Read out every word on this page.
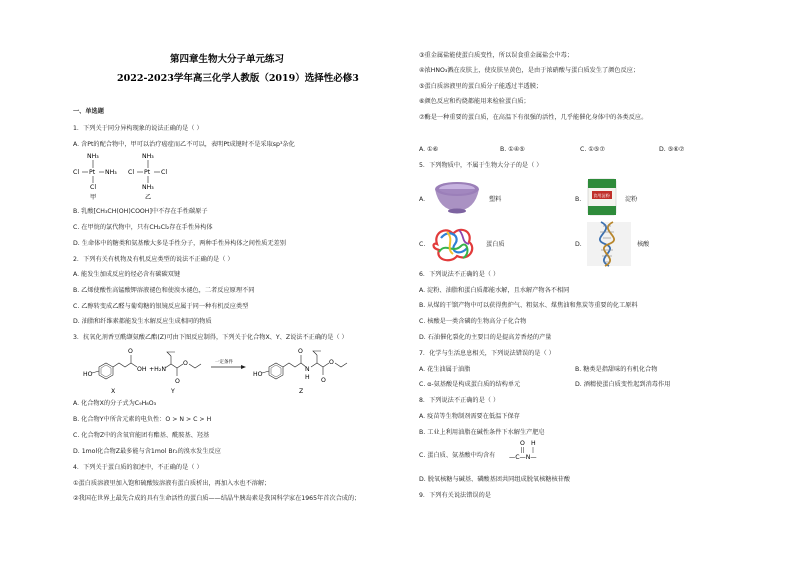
第四章生物大分子单元练习
2022-2023学年高三化学人教版（2019）选择性必修3
一、单选题
1．下列关于同分异构现象的说法正确的是（ ）
A. 含Pt的配合物中，甲可以治疗癌症而乙不可以，表明Pt成键时不是采取sp³杂化
NH₃
Cl Pt NH₃
Cl
甲
NH₃
Cl Pt Cl
NH₃
乙
B. 乳酸[CH₃CH(OH)COOH]中不存在手性碳原子
C. 在甲烷的氯代物中，只有CH₂Cl₂存在手性异构体
D. 生命体中的糖类和氨基酸大多是手性分子，两种手性异构体之间性质无差别
2．下列有关有机物及有机反应类型的说法不正确的是（ ）
A. 能发生加成反应的烃必含有碳碳双键
B. 乙烯使酸性高锰酸钾溶液褪色和使溴水褪色，二者反应原理不同
C. 乙醇转变成乙醛与葡萄糖的银镜反应属于同一种有机反应类型
D. 油脂和纤维素都能发生水解反应生成相同的物质
3．抗氧化剂香豆酰缬氨酸乙酯(Z)可由下图反应制得，下列关于化合物X、Y、Z说法不正确的是（ ）
HO
O
OH
X
+H₂N
O
O
Y
一定条件
HO
O
N
H O
O
Z
A. 化合物X的分子式为C₉H₈O₃
B. 化合物Y中所含元素的电负性：O > N > C > H
C. 化合物Z中的含氧官能团有酯基、酰胺基、羟基
D. 1mol化合物Z最多能与含1mol Br₂的溴水发生反应
4．下列关于蛋白质的叙述中，不正确的是（ ）
①蛋白质溶液里加入饱和硫酸铵溶液有蛋白质析出，再加入水也不溶解；
②我国在世界上最先合成的具有生命活性的蛋白质——结晶牛胰岛素是我国科学家在1965年首次合成的；
③重金属盐能使蛋白质变性，所以误食重金属盐会中毒；
④浓HNO₃溅在皮肤上，使皮肤呈黄色，是由于浓硝酸与蛋白质发生了颜色反应；
⑤蛋白质溶液里的蛋白质分子能透过半透膜；
⑥颜色反应和灼烧都能用来检验蛋白质；
⑦酶是一种重要的蛋白质，在高温下有很强的活性，几乎能催化身体中的各类反应。
A. ①⑥	B. ①④⑤	C. ①⑤⑦	D. ⑤⑥⑦
5．下列物质中，不属于生物大分子的是（ ）
A.	塑料	B.
食用淀粉
淀粉
C.	蛋白质	D.	核酸
6．下列说法不正确的是（ ）
A. 淀粉、油脂和蛋白质都能水解，且水解产物各不相同
B. 从煤的干馏产物中可以获得焦炉气、粗氨水、煤焦油和焦炭等重要的化工原料
C. 核酸是一类含磷的生物高分子化合物
D. 石油催化裂化的主要目的是提高芳香烃的产量
7．化学与生活息息相关，下列说法错误的是（ ）
A. 花生油属于油脂	B. 糖类是指甜味的有机化合物
C. α-氨基酸是构成蛋白质的结构单元	D. 酒精使蛋白质变性起到消毒作用
8．下列说法不正确的是（ ）
A. 疫苗等生物制剂需要在低温下保存
B. 工业上利用油脂在碱性条件下水解生产肥皂
C. 蛋白质、氨基酸中均含有
O H
—C—N—
D. 脱氧核糖与碱基、磷酸基团共同组成脱氧核糖核苷酸
9．下列有关说法错误的是
